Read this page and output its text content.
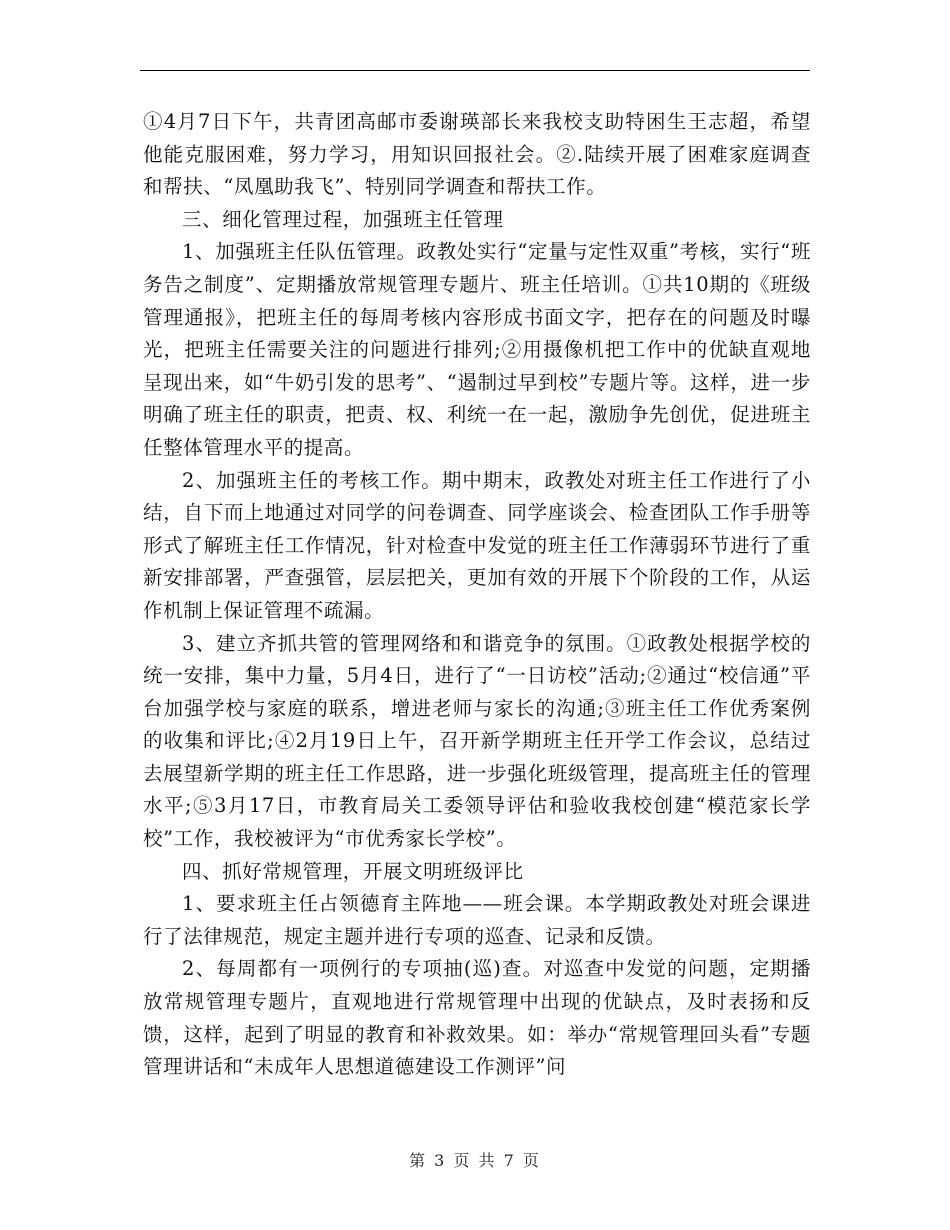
①4月7日下午，共青团高邮市委谢瑛部长来我校支助特困生王志超，希望他能克服困难，努力学习，用知识回报社会。②.陆续开展了困难家庭调查和帮扶、“凤凰助我飞”、特别同学调查和帮扶工作。

三、细化管理过程，加强班主任管理

1、加强班主任队伍管理。政教处实行“定量与定性双重”考核，实行“班务告之制度”、定期播放常规管理专题片、班主任培训。①共10期的《班级管理通报》，把班主任的每周考核内容形成书面文字，把存在的问题及时曝光，把班主任需要关注的问题进行排列;②用摄像机把工作中的优缺直观地呈现出来，如“牛奶引发的思考”、“遏制过早到校”专题片等。这样，进一步明确了班主任的职责，把责、权、利统一在一起，激励争先创优，促进班主任整体管理水平的提高。

2、加强班主任的考核工作。期中期末，政教处对班主任工作进行了小结，自下而上地通过对同学的问卷调查、同学座谈会、检查团队工作手册等形式了解班主任工作情况，针对检查中发觉的班主任工作薄弱环节进行了重新安排部署，严查强管，层层把关，更加有效的开展下个阶段的工作，从运作机制上保证管理不疏漏。

3、建立齐抓共管的管理网络和和谐竞争的氛围。①政教处根据学校的统一安排，集中力量，5月4日，进行了“一日访校”活动;②通过“校信通”平台加强学校与家庭的联系，增进老师与家长的沟通;③班主任工作优秀案例的收集和评比;④2月19日上午，召开新学期班主任开学工作会议，总结过去展望新学期的班主任工作思路，进一步强化班级管理，提高班主任的管理水平;⑤3月17日，市教育局关工委领导评估和验收我校创建“模范家长学校”工作，我校被评为“市优秀家长学校”。

四、抓好常规管理，开展文明班级评比

1、要求班主任占领德育主阵地——班会课。本学期政教处对班会课进行了法律规范，规定主题并进行专项的巡查、记录和反馈。

2、每周都有一项例行的专项抽(巡)查。对巡查中发觉的问题，定期播放常规管理专题片，直观地进行常规管理中出现的优缺点，及时表扬和反馈，这样，起到了明显的教育和补救效果。如：举办“常规管理回头看”专题管理讲话和“未成年人思想道德建设工作测评”问

第 3 页 共 7 页
